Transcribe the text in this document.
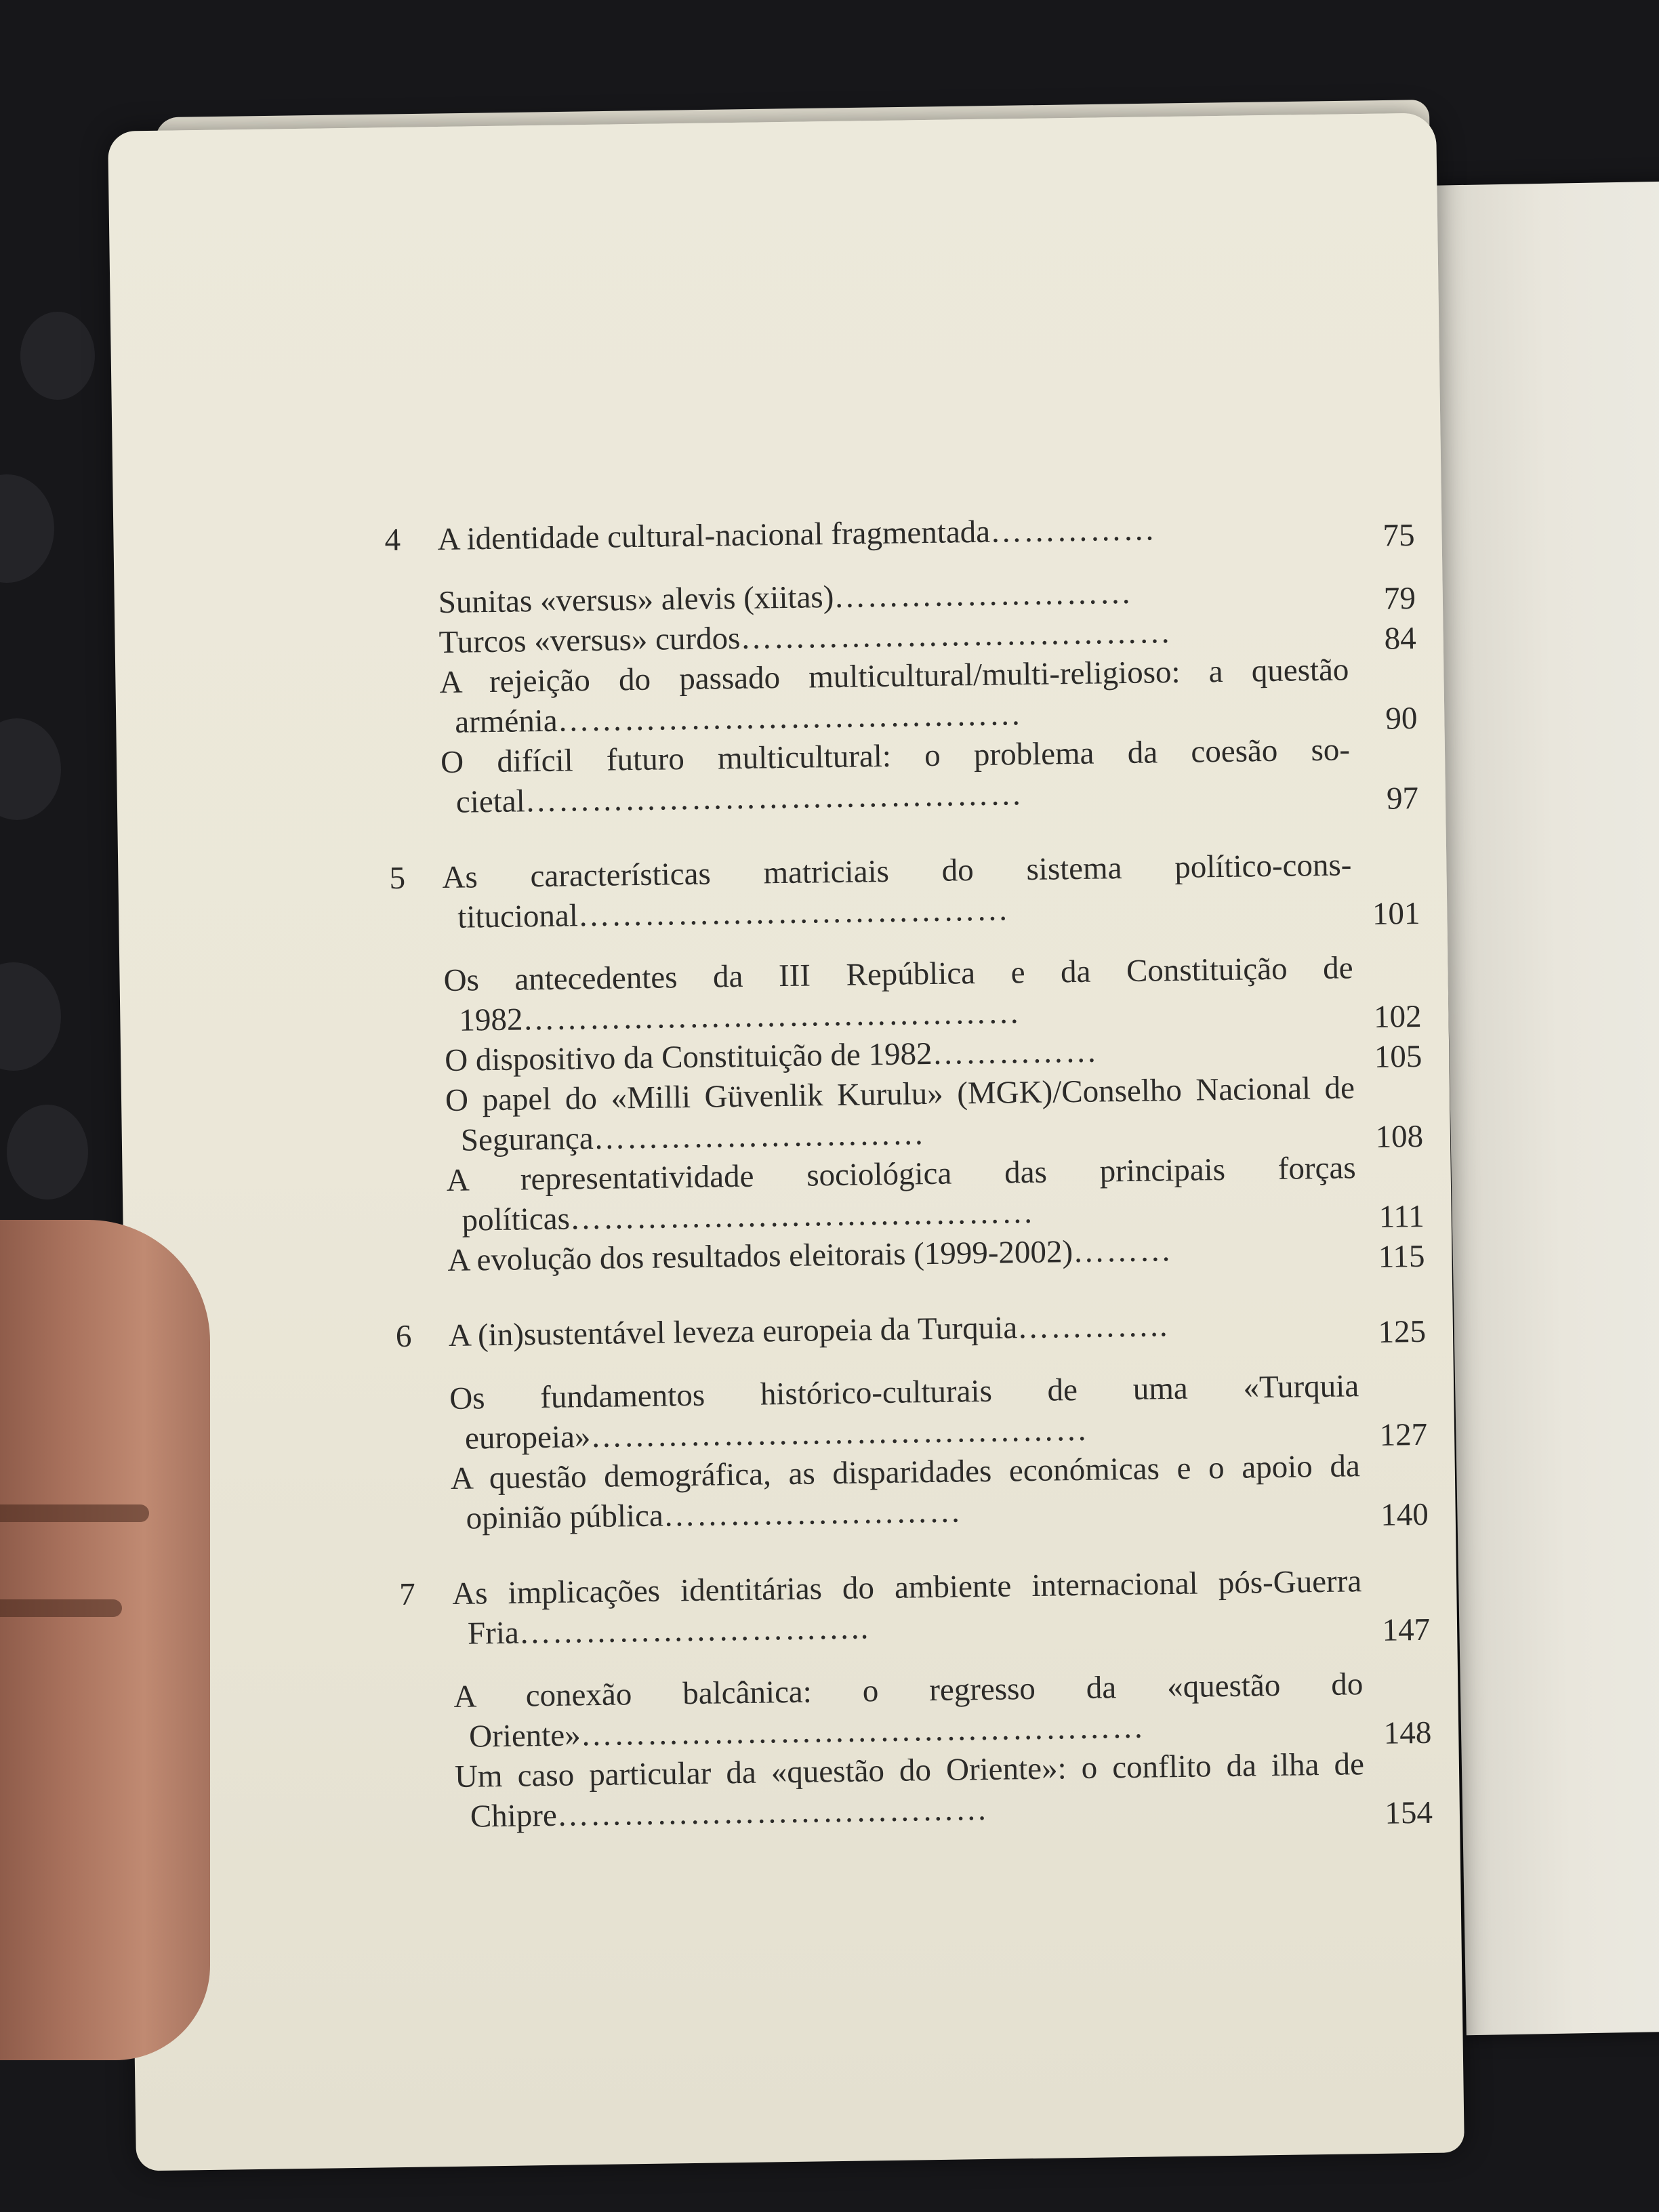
4 A identidade cultural-nacional fragmentada……………	75
Sunitas «versus» alevis (xiitas)………………………	79
Turcos «versus» curdos…………………………………	84
A rejeição do passado multicultural/multi-religioso: a questão arménia……………………………………	90
O difícil futuro multicultural: o problema da coesão so-cietal………………………………………	97
5 As características matriciais do sistema político-cons-titucional…………………………………	101
Os antecedentes da III República e da Constituição de 1982………………………………………	102
O dispositivo da Constituição de 1982……………	105
O papel do «Milli Güvenlik Kurulu» (MGK)/Conselho Nacional de Segurança…………………………	108
A representatividade sociológica das principais forças políticas……………………………………	111
A evolução dos resultados eleitorais (1999-2002)………	115
6 A (in)sustentável leveza europeia da Turquia…………..	125
Os fundamentos histórico-culturais de uma «Turquia europeia»………………………………………	127
A questão demográfica, as disparidades económicas e o apoio da opinião pública………………………	140
7 As implicações identitárias do ambiente internacional pós-Guerra Fria…………………………..	147
A conexão balcânica: o regresso da «questão do Oriente»……………………………………………	148
Um caso particular da «questão do Oriente»: o conflito da ilha de Chipre…………………………………	154
